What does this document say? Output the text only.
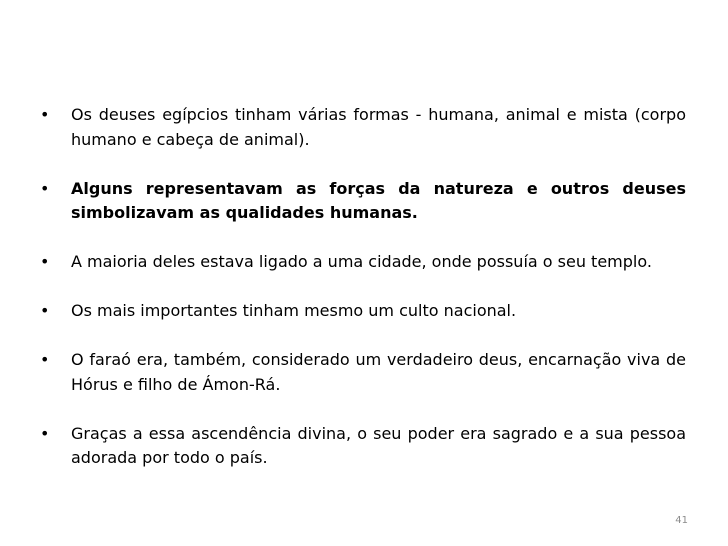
• Os deuses egípcios tinham várias formas - humana, animal e mista (corpo humano e cabeça de animal).
• Alguns representavam as forças da natureza e outros deuses simbolizavam as qualidades humanas.
• A maioria deles estava ligado a uma cidade, onde possuía o seu templo.
• Os mais importantes tinham mesmo um culto nacional.
• O faraó era, também, considerado um verdadeiro deus, encarnação viva de Hórus e filho de Ámon-Rá.
• Graças a essa ascendência divina, o seu poder era sagrado e a sua pessoa adorada por todo o país.
41
